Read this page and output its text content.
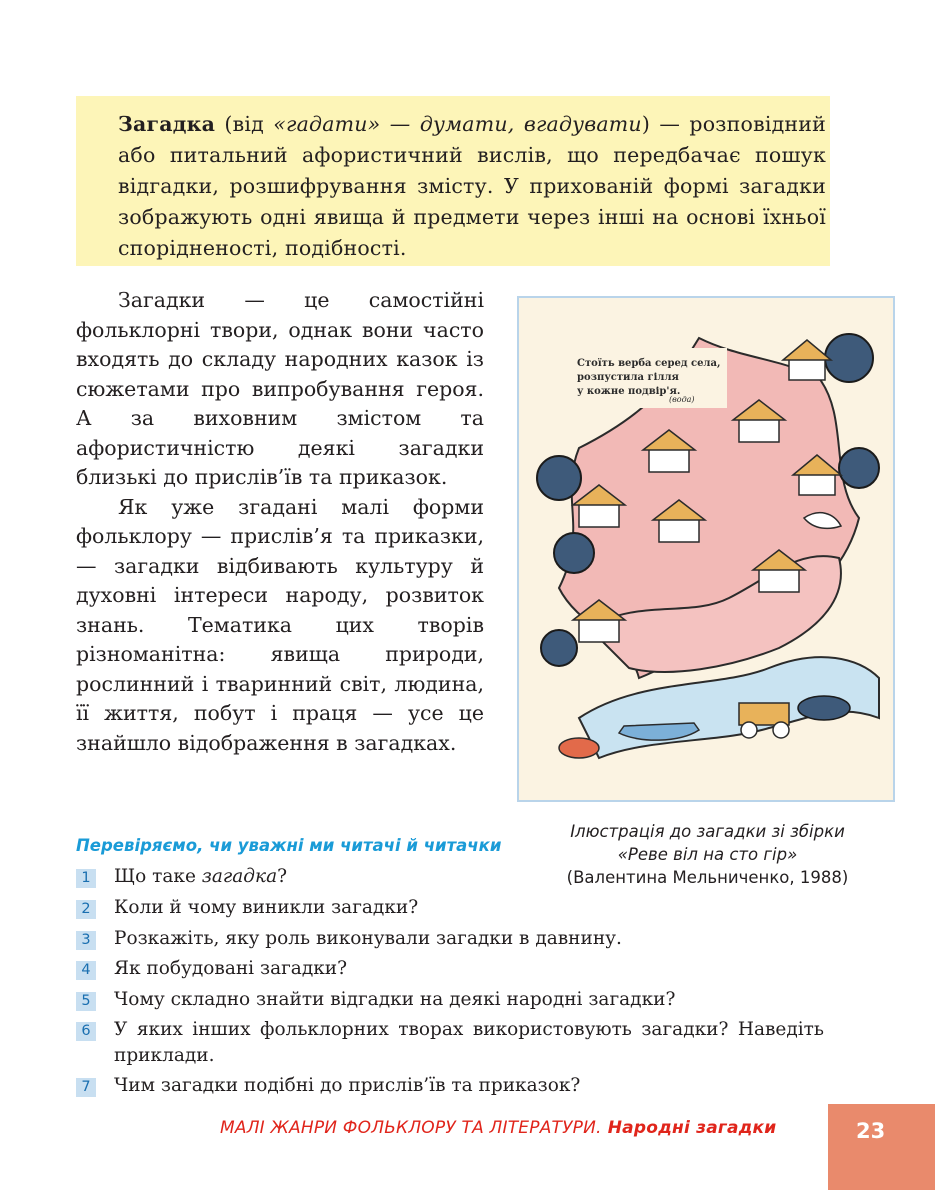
Загадка (від «гадати» — думати, вгадувати) — розповідний або питальний афористичний вислів, що передбачає пошук відгадки, розшифрування змісту. У прихованій формі загадки зображують одні явища й предмети через інші на основі їхньої спорідненості, подібності.

Загадки — це самостійні фольклорні твори, однак вони часто входять до складу народних казок із сюжетами про випробування героя. А за виховним змістом та афористичністю деякі загадки близькі до прислів’їв та приказок.

Як уже згадані малі форми фольклору — прислів’я та приказки, — загадки відбивають культуру й духовні інтереси народу, розвиток знань. Тематика цих творів різноманітна: явища природи, рослинний і тваринний світ, людина, її життя, побут і праця — усе це знайшло відображення в загадках.

Стоїть верба серед села,
розпустила гілля
у кожне подвір'я.
(вода)
Ілюстрація до загадки зі збірки
«Реве віл на сто гір»
(Валентина Мельниченко, 1988)
Перевіряємо, чи уважні ми читачі й читачки
1 Що таке загадка?
2 Коли й чому виникли загадки?
3 Розкажіть, яку роль виконували загадки в давнину.
4 Як побудовані загадки?
5 Чому складно знайти відгадки на деякі народні загадки?
6 У яких інших фольклорних творах використовують загадки? Наведіть приклади.
7 Чим загадки подібні до прислів’їв та приказок?
МАЛІ ЖАНРИ ФОЛЬКЛОРУ ТА ЛІТЕРАТУРИ. Народні загадки	23
